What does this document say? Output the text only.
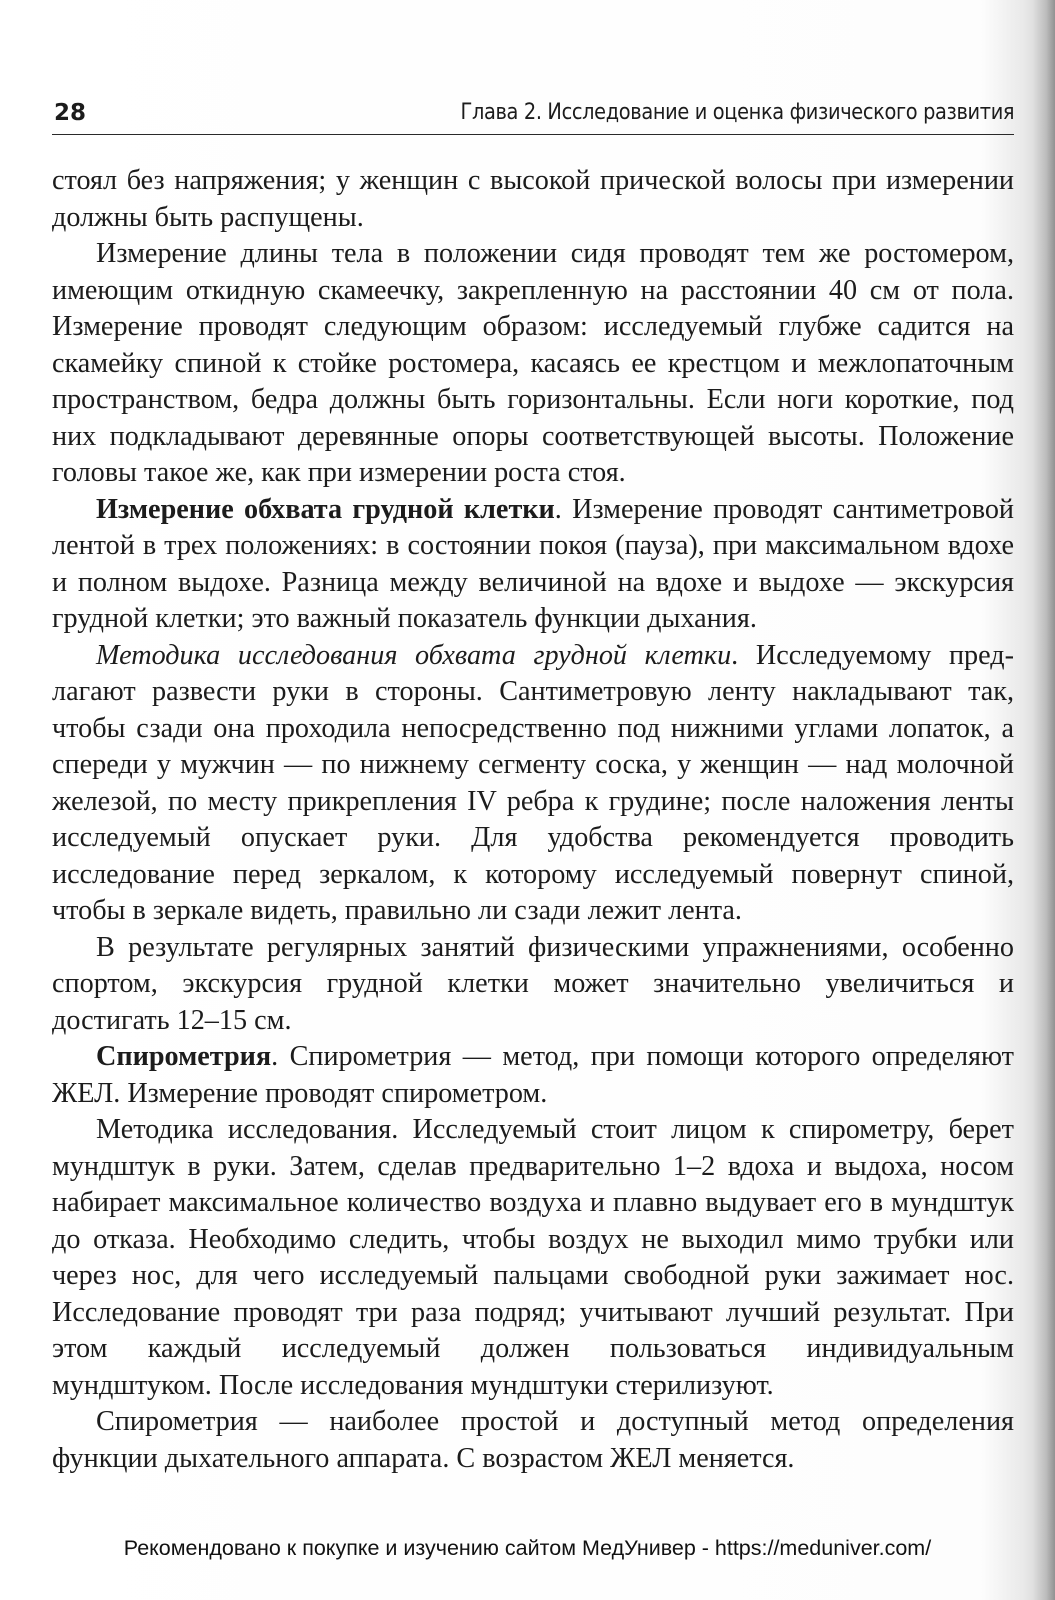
28	Глава 2. Исследование и оценка физического развития

стоял без напряжения; у женщин с высокой прической волосы при измерении должны быть распущены.

Измерение длины тела в положении сидя проводят тем же ростомером, имеющим откидную скамеечку, закрепленную на расстоянии 40 см от пола. Измерение проводят следующим образом: исследуемый глубже садится на скамейку спиной к стойке ростомера, касаясь ее крестцом и межлопаточным пространством, бедра должны быть горизонтальны. Если ноги короткие, под них подкладывают деревянные опоры соответствующей высоты. Положение головы такое же, как при измерении роста стоя.

Измерение обхвата грудной клетки. Измерение проводят сантиметровой лентой в трех положениях: в состоянии покоя (пауза), при максимальном вдохе и полном выдохе. Разница между величиной на вдохе и выдохе — экскурсия грудной клетки; это важный показатель функции дыхания.

Методика исследования обхвата грудной клетки. Исследуемому предлагают развести руки в стороны. Сантиметровую ленту накладывают так, чтобы сзади она проходила непосредственно под нижними углами лопаток, а спереди у мужчин — по нижнему сегменту соска, у женщин — над молочной железой, по месту прикрепления IV ребра к грудине; после наложения ленты исследуемый опускает руки. Для удобства рекомендуется проводить исследование перед зеркалом, к которому исследуемый повернут спиной, чтобы в зеркале видеть, правильно ли сзади лежит лента.

В результате регулярных занятий физическими упражнениями, особенно спортом, экскурсия грудной клетки может значительно увеличиться и достигать 12–15 см.

Спирометрия. Спирометрия — метод, при помощи которого определяют ЖЕЛ. Измерение проводят спирометром.

Методика исследования. Исследуемый стоит лицом к спирометру, берет мундштук в руки. Затем, сделав предварительно 1–2 вдоха и выдоха, носом набирает максимальное количество воздуха и плавно выдувает его в мундштук до отказа. Необходимо следить, чтобы воздух не выходил мимо трубки или через нос, для чего исследуемый пальцами свободной руки зажимает нос. Исследование проводят три раза подряд; учитывают лучший результат. При этом каждый исследуемый должен пользоваться индивидуальным мундштуком. После исследования мундштуки стерилизуют.

Спирометрия — наиболее простой и доступный метод определения функции дыхательного аппарата. С возрастом ЖЕЛ меняется.

Рекомендовано к покупке и изучению сайтом МедУнивер - https://meduniver.com/
